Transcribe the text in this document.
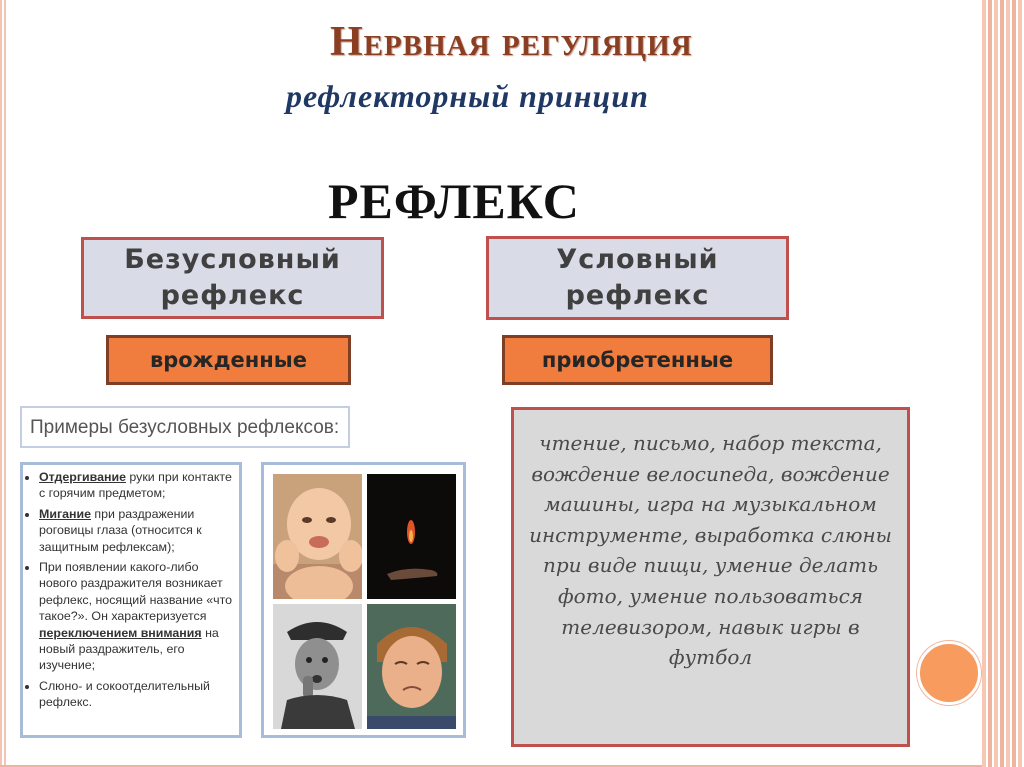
Нервная регуляция
рефлекторный принцип
РЕФЛЕКС
Безусловный рефлекс
Условный рефлекс
врожденные	приобретенные
Примеры безусловных рефлексов:
• Отдергивание руки при контакте с горячим предметом;
• Мигание при раздражении роговицы глаза (относится к защитным рефлексам);
• При появлении какого-либо нового раздражителя возникает рефлекс, носящий название «что такое?». Он характеризуется переключением внимания на новый раздражитель, его изучение;
• Слюно- и сокоотделительный рефлекс.
чтение, письмо, набор текста, вождение велосипеда, вождение машины, игра на музыкальном инструменте, выработка слюны при виде пищи, умение делать фото, умение пользоваться телевизором, навык игры в футбол
